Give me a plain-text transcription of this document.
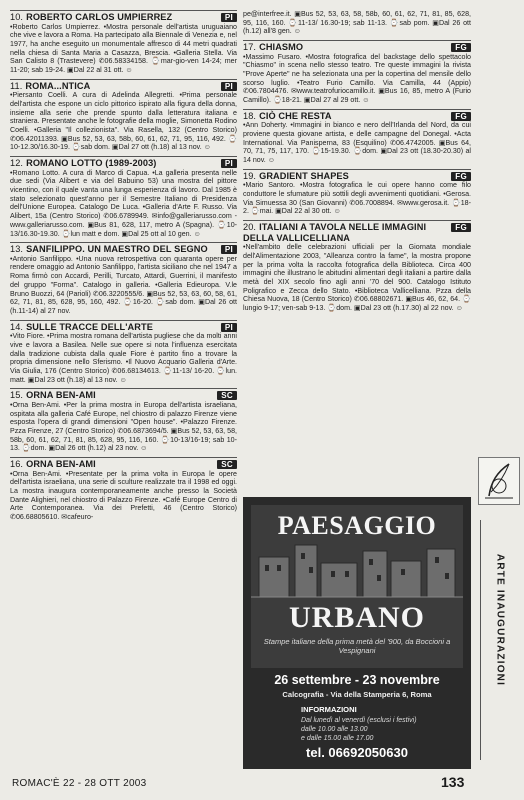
10. ROBERTO CARLOS UMPIERREZ	PI
•Roberto Carlos Umpierrez. •Mostra personale dell'artista uruguaiano che vive e lavora a Roma. Ha partecipato alla Biennale di Venezia e, nel 1977, ha anche eseguito un monumentale affresco di 44 metri quadrati nella chiesa di Santa Maria a Casazza, Brescia. •Galleria Stella. Via San Calisto 8 (Trastevere) ✆06.58334158. ⌚mar-gio-ven 14-24; mer 11-20; sab 19-24. ▣Dal 22 al 31 ott. ☺
11. ROMA...NTICA	PI
•Piersanto Coelli. A cura di Adelinda Allegretti. •Prima personale dell'artista che espone un ciclo pittorico ispirato alla figura della donna, insieme alla serie che prende spunto dalla letteratura italiana e straniera. Presentate anche le fotografie della moglie, Simonetta Rodino Coelli. •Galleria "Il collezionista". Via Rasella, 132 (Centro Storico) ✆06.42011393. ▣Bus 52, 53, 63, 58b, 60, 61, 62, 71, 95, 116, 492. ⌚10-12.30/16.30-19. ⌚sab dom. ▣Dal 27 ott (h.18) al 13 nov. ☺
12. ROMANO LOTTO (1989-2003)	PI
•Romano Lotto. A cura di Marco di Capua. •La galleria presenta nelle due sedi (Via Alibert e via del Babuino 53) una mostra del pittore vicentino, con il quale vanta una lunga esperienza di lavoro. Dal 1985 è stato selezionato quest'anno per il Semestre Italiano di Presidenza dell'Unione Europea. Catalogo De Luca. •Galleria d'Arte F. Russo. Via Alibert, 15a (Centro Storico) ✆06.6789949. ✉info@galleriarusso.com - www.galleriarusso.com. ▣Bus 81, 628, 117, metro A (Spagna). ⌚10-13/16.30-19.30. ⌚lun matt e dom. ▣Dal 25 ott al 10 gen. ☺
13. SANFILIPPO. UN MAESTRO DEL SEGNO	PI
•Antonio Sanfilippo. •Una nuova retrospettiva con quaranta opere per rendere omaggio ad Antonio Sanfilippo, l'artista siciliano che nel 1947 a Roma firmò con Accardi, Perilli, Turcato, Attardi, Guerrini, il manifesto del gruppo "Forma". Catalogo in galleria. •Galleria Edieuropa. V.le Bruno Buozzi, 64 (Parioli) ✆06.3220555/6. ▣Bus 52, 53, 63, 60, 58, 61, 62, 71, 81, 85, 628, 95, 160, 492. ⌚16-20. ⌚sab dom. ▣Dal 26 ott (h.11-14) al 27 nov.
14. SULLE TRACCE DELL'ARTE	PI
•Vito Fiore. •Prima mostra romana dell'artista pugliese che da molti anni vive e lavora a Basilea. Nelle sue opere si nota l'influenza esercitata dalla tradizione cubista dalla quale Fiore è partito fino a trovare la propria dimensione nello Sferismo. •Il Nuovo Acquario Galleria d'Arte. Via Giulia, 176 (Centro Storico) ✆06.68134613. ⌚11-13/ 16-20. ⌚lun. matt. ▣Dal 23 ott (h.18) al 13 nov. ☺
15. ORNA BEN-AMI	SC
•Orna Ben-Ami. •Per la prima mostra in Europa dell'artista israeliana, ospitata alla galleria Café Europe, nel chiostro di palazzo Firenze viene esposta l'opera di grandi dimensioni "Open house". •Palazzo Firenze. Pzza Firenze, 27 (Centro Storico) ✆06.6873694/5. ▣Bus 52, 53, 63, 58, 58b, 60, 61, 62, 71, 81, 85, 628, 95, 116, 160. ⌚10-13/16-19; sab 10-13. ⌚dom. ▣Dal 26 ott (h.12) al 23 nov. ☺
16. ORNA BEN-AMI	SC
•Orna Ben-Ami. •Presentate per la prima volta in Europa le opere dell'artista israeliana, una serie di sculture realizzate tra il 1998 ed oggi. La mostra inaugura contemporaneamente anche presso la Società Dante Alighieri, nel chiostro di Palazzo Firenze. •Café Europe Centro di Arte Contemporanea. Via dei Prefetti, 46 (Centro Storico) ✆06.68805610. ✉cafeuro-
pe@interfree.it. ▣Bus 52, 53, 63, 58, 58b, 60, 61, 62, 71, 81, 85, 628, 95, 116, 160. ⌚11-13/ 16.30-19; sab 11-13. ⌚sab pom. ▣Dal 26 ott (h.12) all'8 gen. ☺
17. CHIASMO	FG
•Massimo Fusaro. •Mostra fotografica del backstage dello spettacolo "Chiasmo" in scena nello stesso teatro. Tre queste immagini la rivista "Prove Aperte" ne ha selezionata una per la copertina del mensile dello scorso luglio. •Teatro Furio Camillo. Via Camilla, 44 (Appio) ✆06.7804476. ✉www.teatrofuriocamillo.it. ▣Bus 16, 85, metro A (Furio Camillo). ⌚18-21. ▣Dal 27 al 29 ott. ☺
18. CIÒ CHE RESTA	FG
•Ann Doherty. •Immagini in bianco e nero dell'Irlanda del Nord, da cui proviene questa giovane artista, e delle campagne del Donegal. •Acta International. Via Panisperna, 83 (Esquilino) ✆06.4742005. ▣Bus 64, 70, 71, 75, 117, 170. ⌚15-19.30. ⌚dom. ▣Dal 23 ott (18.30-20.30) al 14 nov. ☺
19. GRADIENT SHAPES	FG
•Mario Santoro. •Mostra fotografica le cui opere hanno come filo conduttore le sfumature più sottili degli avvenimenti quotidiani. •Gerosa. Via Simuessa 30 (San Giovanni) ✆06.7008894. ✉www.gerosa.it. ⌚18-2. ⌚mai. ▣Dal 22 al 30 ott. ☺
20. ITALIANI A TAVOLA NELLE IMMAGINI DELLA VALLICELLIANA
FG
•Nell'ambito delle celebrazioni ufficiali per la Giornata mondiale dell'Alimentazione 2003, "Alleanza contro la fame", la mostra propone per la prima volta la raccolta fotografica della Biblioteca. Circa 400 immagini che illustrano le abitudini alimentari degli italiani a partire dalla metà del XIX secolo fino agli anni '70 del 900. Catalogo Istituto Poligrafico e Zecca dello Stato. •Biblioteca Vallicelliana. Pzza della Chiesa Nuova, 18 (Centro Storico) ✆06.68802671. ▣Bus 46, 62, 64. ⌚lungio 9-17; ven-sab 9-13. ⌚dom. ▣Dal 23 ott (h.17.30) al 22 nov. ☺
PAESAGGIO
URBANO
Stampe italiane della prima metà del '900, da Boccioni a Vespignani
26 settembre - 23 novembre
Calcografia - Via della Stamperia 6, Roma
INFORMAZIONI
Dal lunedì al venerdì (esclusi i festivi)
dalle 10.00 alle 13.00
e dalle 15.00 alle 17.00
tel. 06692050630
ARTE INAUGURAZIONI
ROMAC'È 22 - 28 OTT 2003	133
